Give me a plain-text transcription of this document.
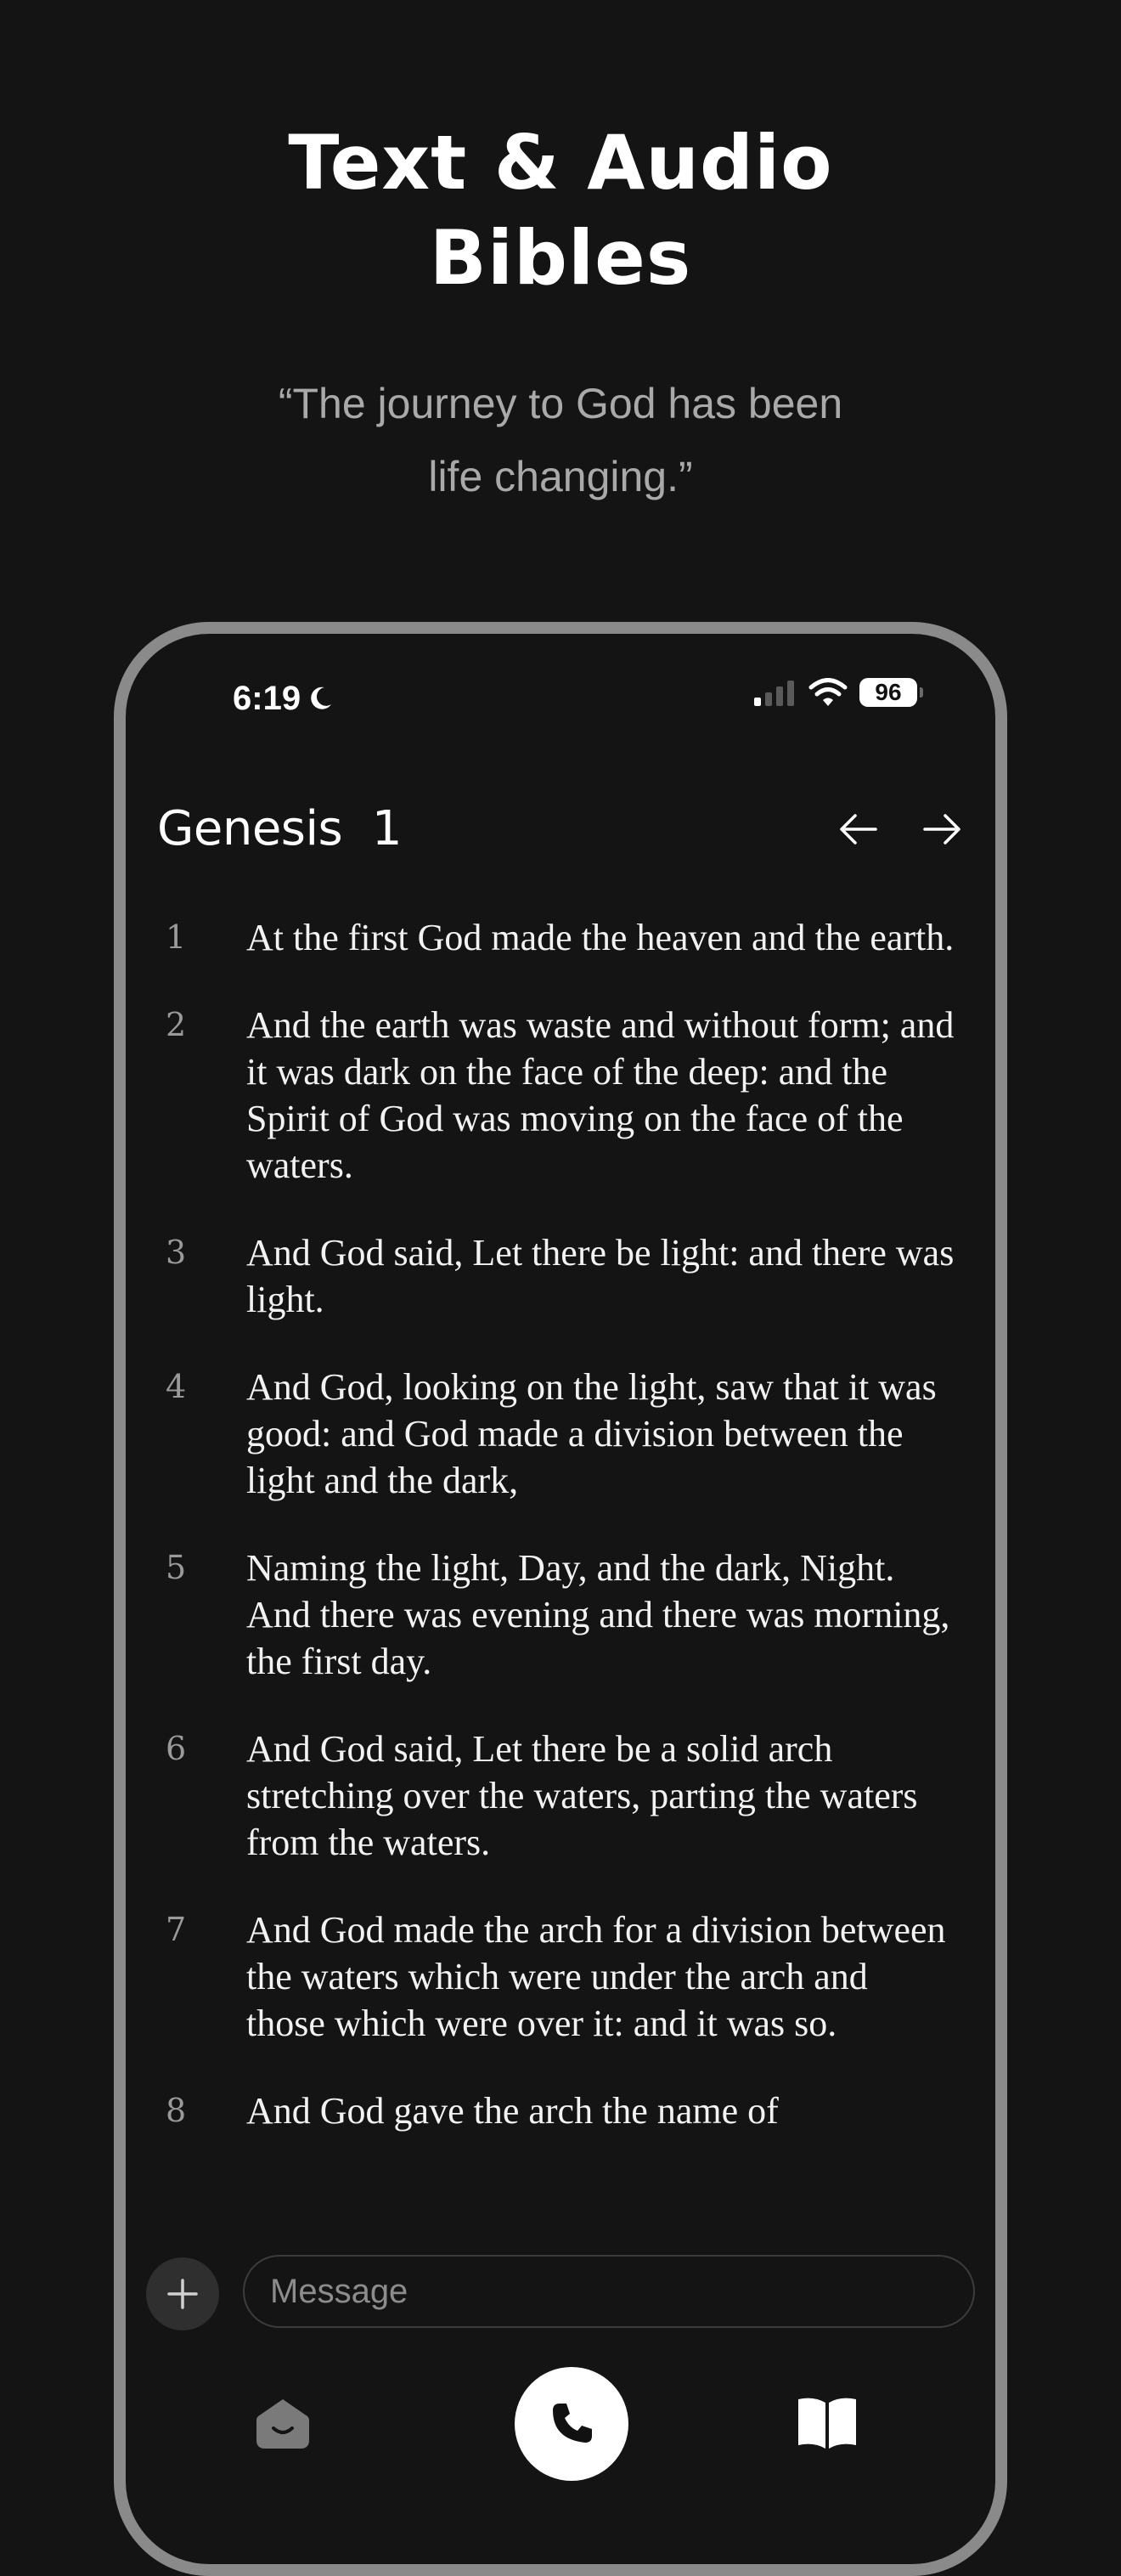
Text & Audio
Bibles
“The journey to God has been
life changing.”
6:19	96
Genesis 1
1	At the first God made the heaven and the earth.
2	And the earth was waste and without form; and it was dark on the face of the deep: and the Spirit of God was moving on the face of the waters.
3	And God said, Let there be light: and there was light.
4	And God, looking on the light, saw that it was good: and God made a division between the light and the dark,
5	Naming the light, Day, and the dark, Night. And there was evening and there was morning, the first day.
6	And God said, Let there be a solid arch stretching over the waters, parting the waters from the waters.
7	And God made the arch for a division between the waters which were under the arch and those which were over it: and it was so.
8	And God gave the arch the name of
Message
